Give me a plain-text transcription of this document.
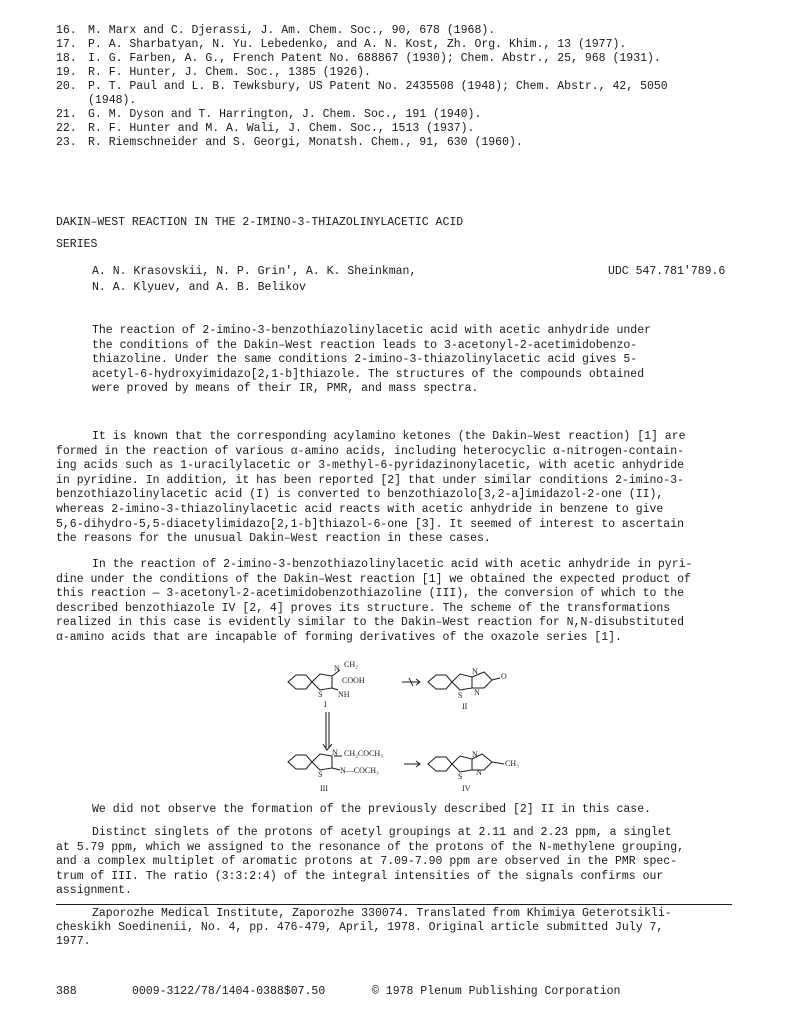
16. M. Marx and C. Djerassi, J. Am. Chem. Soc., 90, 678 (1968).
17. P. A. Sharbatyan, N. Yu. Lebedenko, and A. N. Kost, Zh. Org. Khim., 13 (1977).
18. I. G. Farben, A. G., French Patent No. 688867 (1930); Chem. Abstr., 25, 968 (1931).
19. R. F. Hunter, J. Chem. Soc., 1385 (1926).
20. P. T. Paul and L. B. Tewksbury, US Patent No. 2435508 (1948); Chem. Abstr., 42, 5050
(1948).
21. G. M. Dyson and T. Harrington, J. Chem. Soc., 191 (1940).
22. R. F. Hunter and M. A. Wali, J. Chem. Soc., 1513 (1937).
23. R. Riemschneider and S. Georgi, Monatsh. Chem., 91, 630 (1960).
DAKIN–WEST REACTION IN THE 2-IMINO-3-THIAZOLINYLACETIC ACID
SERIES
A. N. Krasovskii, N. P. Grin', A. K. Sheinkman,
N. A. Klyuev, and A. B. Belikov
UDC 547.781'789.6
The reaction of 2-imino-3-benzothiazolinylacetic acid with acetic anhydride under
the conditions of the Dakin–West reaction leads to 3-acetonyl-2-acetimidobenzo-
thiazoline. Under the same conditions 2-imino-3-thiazolinylacetic acid gives 5-
acetyl-6-hydroxyimidazo[2,1-b]thiazole. The structures of the compounds obtained
were proved by means of their IR, PMR, and mass spectra.
It is known that the corresponding acylamino ketones (the Dakin–West reaction) [1] are
formed in the reaction of various α-amino acids, including heterocyclic α-nitrogen-contain-
ing acids such as 1-uracilylacetic or 3-methyl-6-pyridazinonylacetic, with acetic anhydride
in pyridine. In addition, it has been reported [2] that under similar conditions 2-imino-3-
benzothiazolinylacetic acid (I) is converted to benzothiazolo[3,2-a]imidazol-2-one (II),
whereas 2-imino-3-thiazolinylacetic acid reacts with acetic anhydride in benzene to give
5,6-dihydro-5,5-diacetylimidazo[2,1-b]thiazol-6-one [3]. It seemed of interest to ascertain
the reasons for the unusual Dakin–West reaction in these cases.
In the reaction of 2-imino-3-benzothiazolinylacetic acid with acetic anhydride in pyri-
dine under the conditions of the Dakin–West reaction [1] we obtained the expected product of
this reaction — 3-acetonyl-2-acetimidobenzothiazoline (III), the conversion of which to the
described benzothiazole IV [2, 4] proves its structure. The scheme of the transformations
realized in this case is evidently similar to the Dakin–West reaction for N,N-disubstituted
α-amino acids that are incapable of forming derivatives of the oxazole series [1].
N CH₂
COOH
S NH
I
N
S N
O
II
N CH₂COCH₃
S N—COCH₃
III
S
N
N
CH₃
IV
We did not observe the formation of the previously described [2] II in this case.
Distinct singlets of the protons of acetyl groupings at 2.11 and 2.23 ppm, a singlet
at 5.79 ppm, which we assigned to the resonance of the protons of the N-methylene grouping,
and a complex multiplet of aromatic protons at 7.09-7.90 ppm are observed in the PMR spec-
trum of III. The ratio (3:3:2:4) of the integral intensities of the signals confirms our
assignment.
Zaporozhe Medical Institute, Zaporozhe 330074. Translated from Khimiya Geterotsikli-
cheskikh Soedinenii, No. 4, pp. 476-479, April, 1978. Original article submitted July 7,
1977.
388	0009-3122/78/1404-0388$07.50	© 1978 Plenum Publishing Corporation
